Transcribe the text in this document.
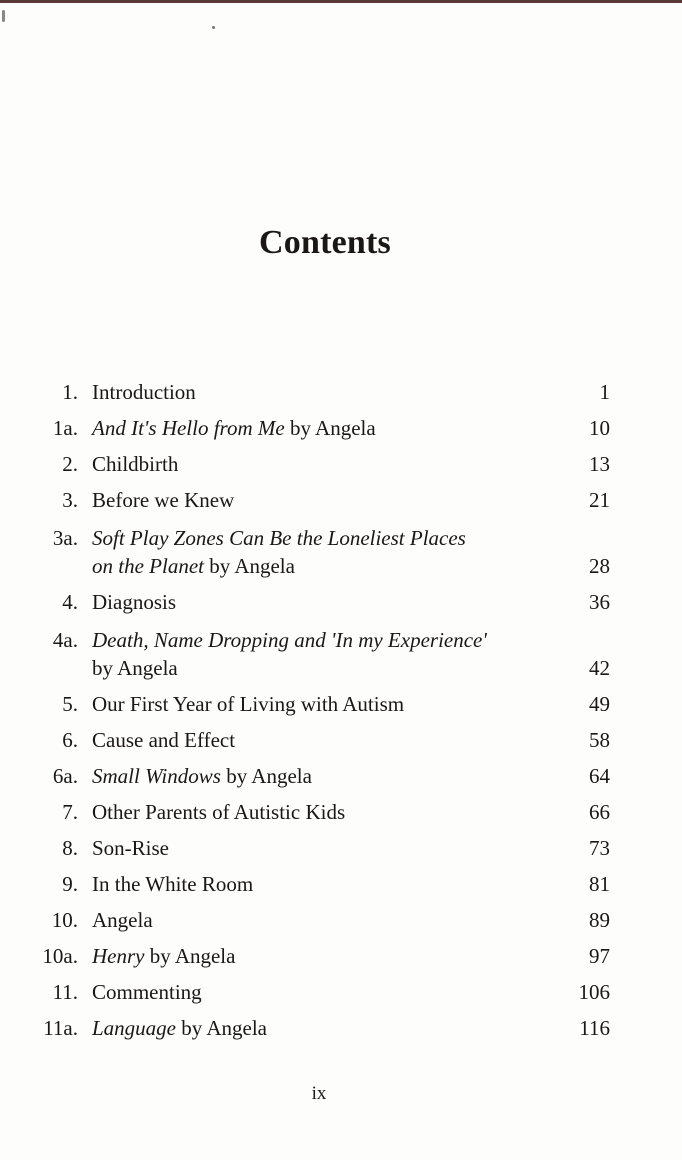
Contents
1. Introduction	1
1a. And It's Hello from Me by Angela	10
2. Childbirth	13
3. Before we Knew	21
3a. Soft Play Zones Can Be the Loneliest Places
on the Planet by Angela	28
4. Diagnosis	36
4a. Death, Name Dropping and 'In my Experience'
by Angela	42
5. Our First Year of Living with Autism	49
6. Cause and Effect	58
6a. Small Windows by Angela	64
7. Other Parents of Autistic Kids	66
8. Son-Rise	73
9. In the White Room	81
10. Angela	89
10a. Henry by Angela	97
11. Commenting	106
11a. Language by Angela	116
ix
